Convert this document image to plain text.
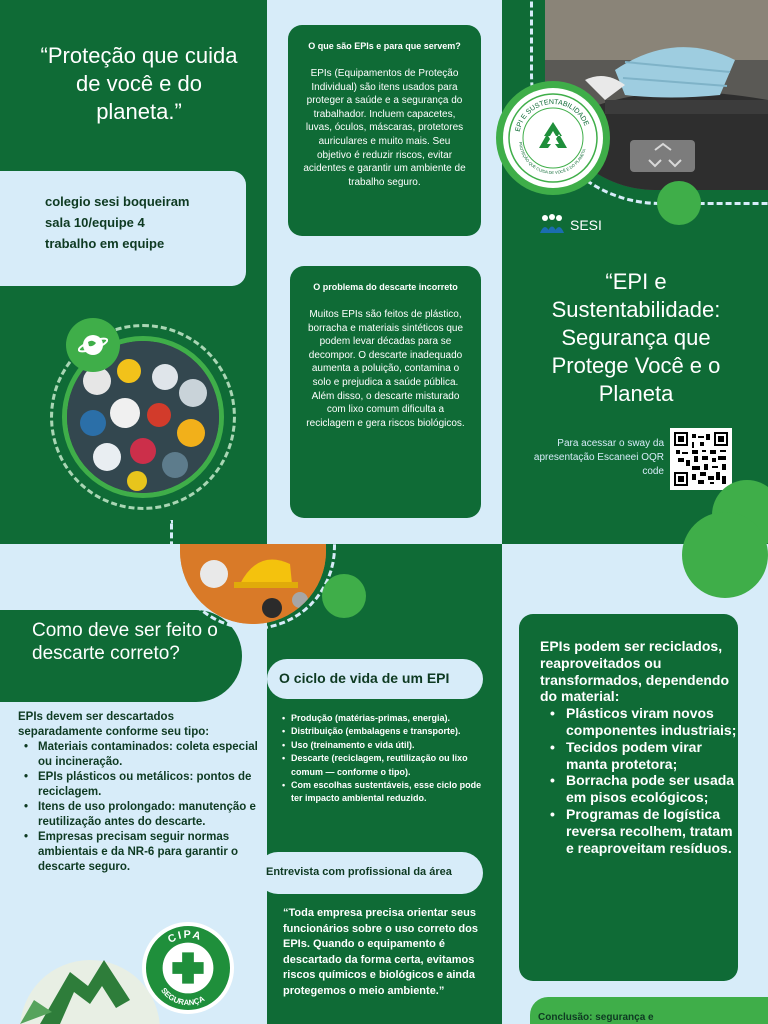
“Proteção que cuida de você e do planeta.”
colegio sesi boqueiram
sala 10/equipe 4
trabalho em equipe
O que são EPIs e para que servem?
EPIs (Equipamentos de Proteção Individual) são itens usados para proteger a saúde e a segurança do trabalhador. Incluem capacetes, luvas, óculos, máscaras, protetores auriculares e muito mais. Seu objetivo é reduzir riscos, evitar acidentes e garantir um ambiente de trabalho seguro.
O problema do descarte incorreto
Muitos EPIs são feitos de plástico, borracha e materiais sintéticos que podem levar décadas para se decompor. O descarte inadequado aumenta a poluição, contamina o solo e prejudica a saúde pública. Além disso, o descarte misturado com lixo comum dificulta a reciclagem e gera riscos biológicos.
EPI E SUSTENTABILIDADE
PROTEÇÃO QUE CUIDA DE VOCÊ E DO PLANETA
SESI
“EPI e Sustentabilidade: Segurança que Protege Você e o Planeta
Para acessar o sway da apresentação Escaneei OQR code
Como deve ser feito o descarte correto?
EPIs devem ser descartados separadamente conforme seu tipo:
• Materiais contaminados: coleta especial ou incineração.
• EPIs plásticos ou metálicos: pontos de reciclagem.
• Itens de uso prolongado: manutenção e reutilização antes do descarte.
• Empresas precisam seguir normas ambientais e da NR-6 para garantir o descarte seguro.
CIPA
SEGURANÇA
O ciclo de vida de um EPI
• Produção (matérias-primas, energia).
• Distribuição (embalagens e transporte).
• Uso (treinamento e vida útil).
• Descarte (reciclagem, reutilização ou lixo comum — conforme o tipo).
• Com escolhas sustentáveis, esse ciclo pode ter impacto ambiental reduzido.
Entrevista com profissional da área
“Toda empresa precisa orientar seus funcionários sobre o uso correto dos EPIs. Quando o equipamento é descartado da forma certa, evitamos riscos químicos e biológicos e ainda protegemos o meio ambiente.”
EPIs podem ser reciclados, reaproveitados ou transformados, dependendo do material:
• Plásticos viram novos componentes industriais;
• Tecidos podem virar manta protetora;
• Borracha pode ser usada em pisos ecológicos;
• Programas de logística reversa recolhem, tratam e reaproveitam resíduos.
Conclusão: segurança e
